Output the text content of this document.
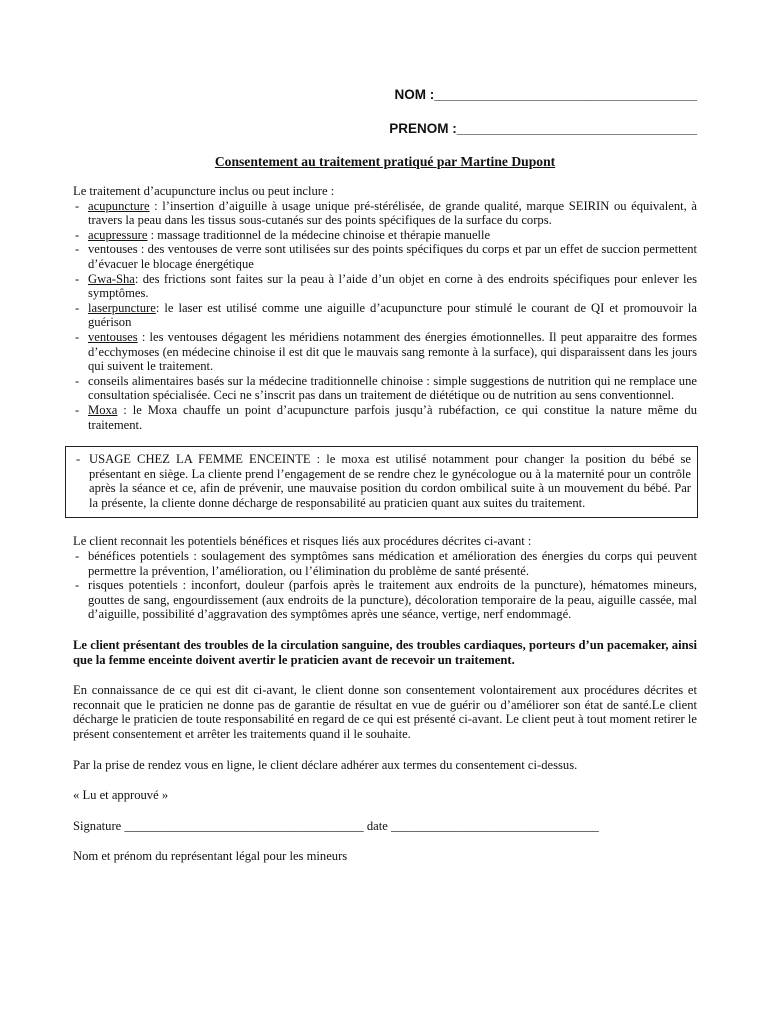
NOM :___________________________________
PRENOM :________________________________
Consentement au traitement pratiqué par Martine Dupont

Le traitement d’acupuncture inclus ou peut inclure :

- acupuncture : l’insertion d’aiguille à usage unique pré-stérélisée, de grande qualité, marque SEIRIN ou équivalent, à travers la peau dans les tissus sous-cutanés sur des points spécifiques de la surface du corps.
- acupressure : massage traditionnel de la médecine chinoise et thérapie manuelle
- ventouses : des ventouses de verre sont utilisées sur des points spécifiques du corps et par un effet de succion permettent d’évacuer le blocage énergétique
- Gwa-Sha: des frictions sont faites sur la peau à l’aide d’un objet en corne à des endroits spécifiques pour enlever les symptômes.
- laserpuncture: le laser est utilisé comme une aiguille d’acupuncture pour stimulé le courant de QI et promouvoir la guérison
- ventouses : les ventouses dégagent les méridiens notamment des énergies émotionnelles. Il peut apparaitre des formes d’ecchymoses (en médecine chinoise il est dit que le mauvais sang remonte à la surface), qui disparaissent dans les jours qui suivent le traitement.
- conseils alimentaires basés sur la médecine traditionnelle chinoise : simple suggestions de nutrition qui ne remplace une consultation spécialisée. Ceci ne s’inscrit pas dans un traitement de diététique ou de nutrition au sens conventionnel.
- Moxa : le Moxa chauffe un point d’acupuncture parfois jusqu’à rubéfaction, ce qui constitue la nature même du traitement.
- USAGE CHEZ LA FEMME ENCEINTE : le moxa est utilisé notamment pour changer la position du bébé se présentant en siège. La cliente prend l’engagement de se rendre chez le gynécologue ou à la maternité pour un contrôle après la séance et ce, afin de prévenir, une mauvaise position du cordon ombilical suite à un mouvement du bébé. Par la présente, la cliente donne décharge de responsabilité au praticien quant aux suites du traitement.

Le client reconnait les potentiels bénéfices et risques liés aux procédures décrites ci-avant :

- bénéfices potentiels : soulagement des symptômes sans médication et amélioration des énergies du corps qui peuvent permettre la prévention, l’amélioration, ou l’élimination du problème de santé présenté.
- risques potentiels : inconfort, douleur (parfois après le traitement aux endroits de la puncture), hématomes mineurs, gouttes de sang, engourdissement (aux endroits de la puncture), décoloration temporaire de la peau, aiguille cassée, mal d’aiguille, possibilité d’aggravation des symptômes après une séance, vertige, nerf endommagé.

Le client présentant des troubles de la circulation sanguine, des troubles cardiaques, porteurs d’un pacemaker, ainsi que la femme enceinte doivent avertir le praticien avant de recevoir un traitement.

En connaissance de ce qui est dit ci-avant, le client donne son consentement volontairement aux procédures décrites et reconnait que le praticien ne donne pas de garantie de résultat en vue de guérir ou d’améliorer son état de santé.Le client décharge le praticien de toute responsabilité en regard de ce qui est présenté ci-avant. Le client peut à tout moment retirer le présent consentement et arrêter les traitements quand il le souhaite.

Par la prise de rendez vous en ligne, le client déclare adhérer aux termes du consentement ci-dessus.

« Lu et approuvé »

Signature ______________________________________ date _________________________________

Nom et prénom du représentant légal pour les mineurs
